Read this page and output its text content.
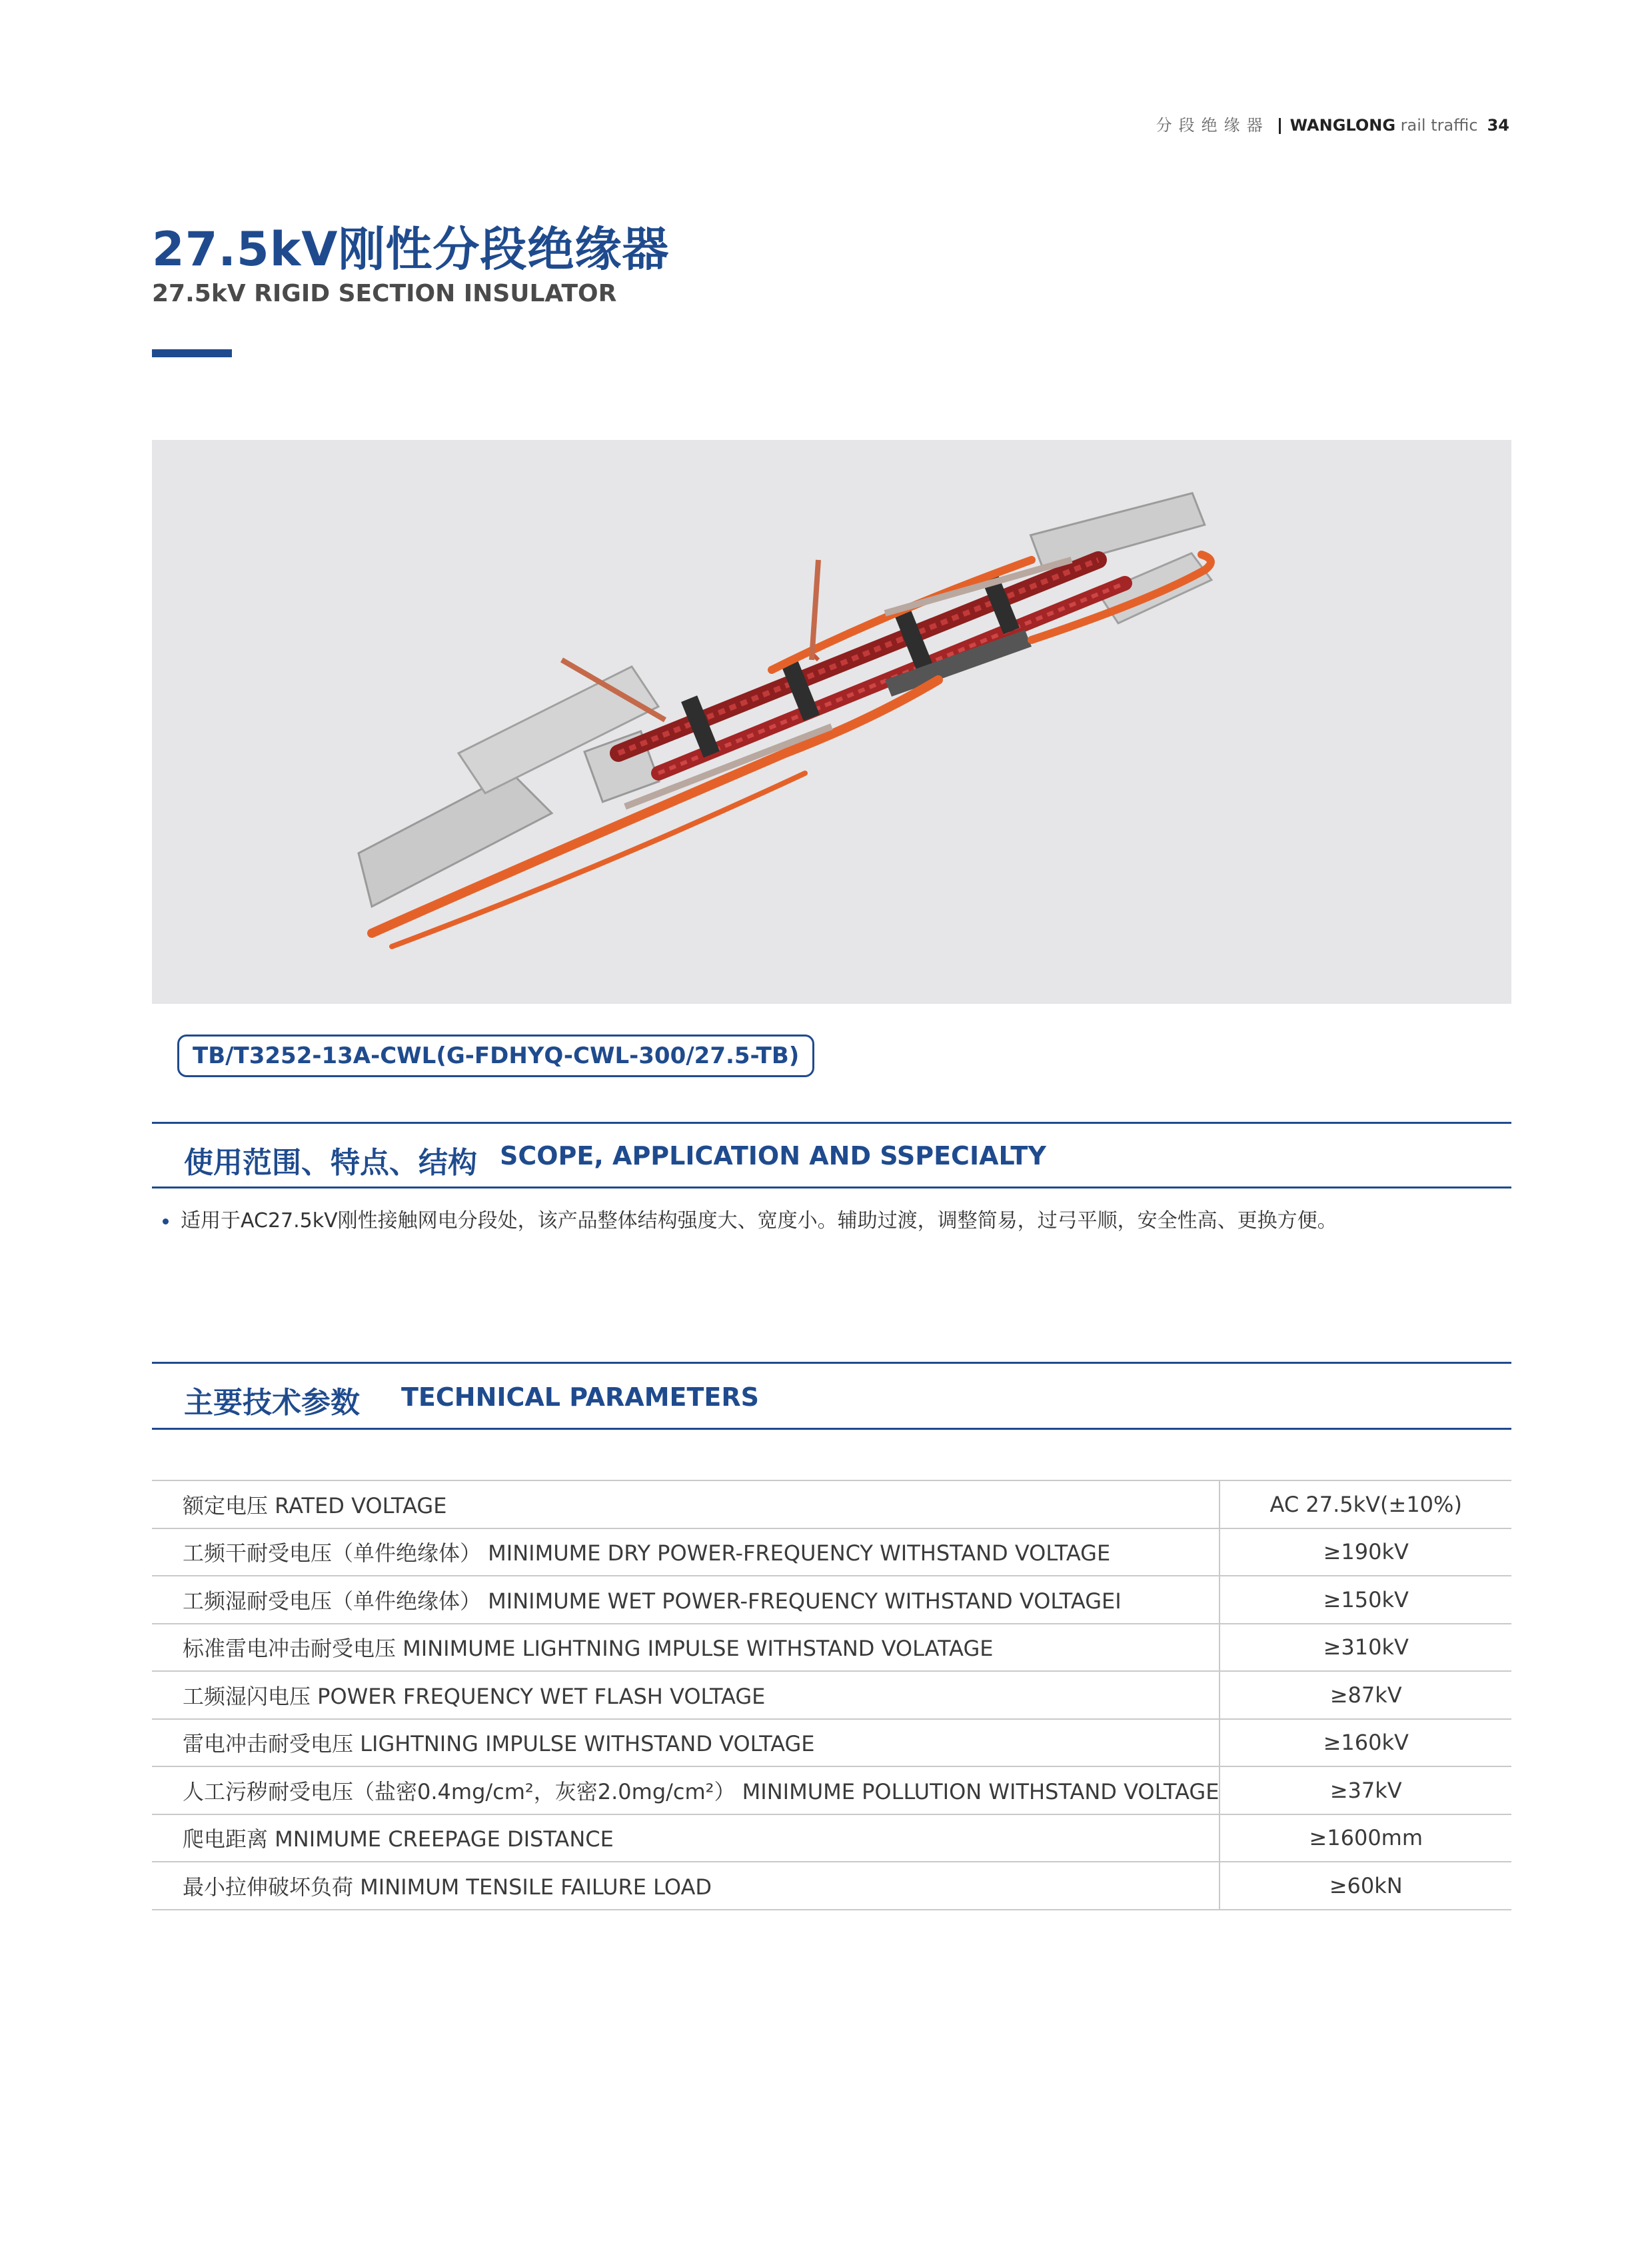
分段绝缘器 WANGLONG rail traffic 34
27.5kV刚性分段绝缘器
27.5kV RIGID SECTION INSULATOR
TB/T3252-13A-CWL(G-FDHYQ-CWL-300/27.5-TB)
使用范围、特点、结构 SCOPE, APPLICATION AND SSPECIALTY
适用于AC27.5kV刚性接触网电分段处，该产品整体结构强度大、宽度小。辅助过渡，调整简易，过弓平顺，安全性高、更换方便。
主要技术参数 TECHNICAL PARAMETERS
额定电压 RATED VOLTAGE	AC 27.5kV(±10%)
工频干耐受电压（单件绝缘体） MINIMUME DRY POWER-FREQUENCY WITHSTAND VOLTAGE	≥190kV
工频湿耐受电压（单件绝缘体） MINIMUME WET POWER-FREQUENCY WITHSTAND VOLTAGEI	≥150kV
标准雷电冲击耐受电压 MINIMUME LIGHTNING IMPULSE WITHSTAND VOLATAGE	≥310kV
工频湿闪电压 POWER FREQUENCY WET FLASH VOLTAGE	≥87kV
雷电冲击耐受电压 LIGHTNING IMPULSE WITHSTAND VOLTAGE	≥160kV
人工污秽耐受电压（盐密0.4mg/cm²，灰密2.0mg/cm²） MINIMUME POLLUTION WITHSTAND VOLTAGE	≥37kV
爬电距离 MNIMUME CREEPAGE DISTANCE	≥1600mm
最小拉伸破坏负荷 MINIMUM TENSILE FAILURE LOAD	≥60kN
